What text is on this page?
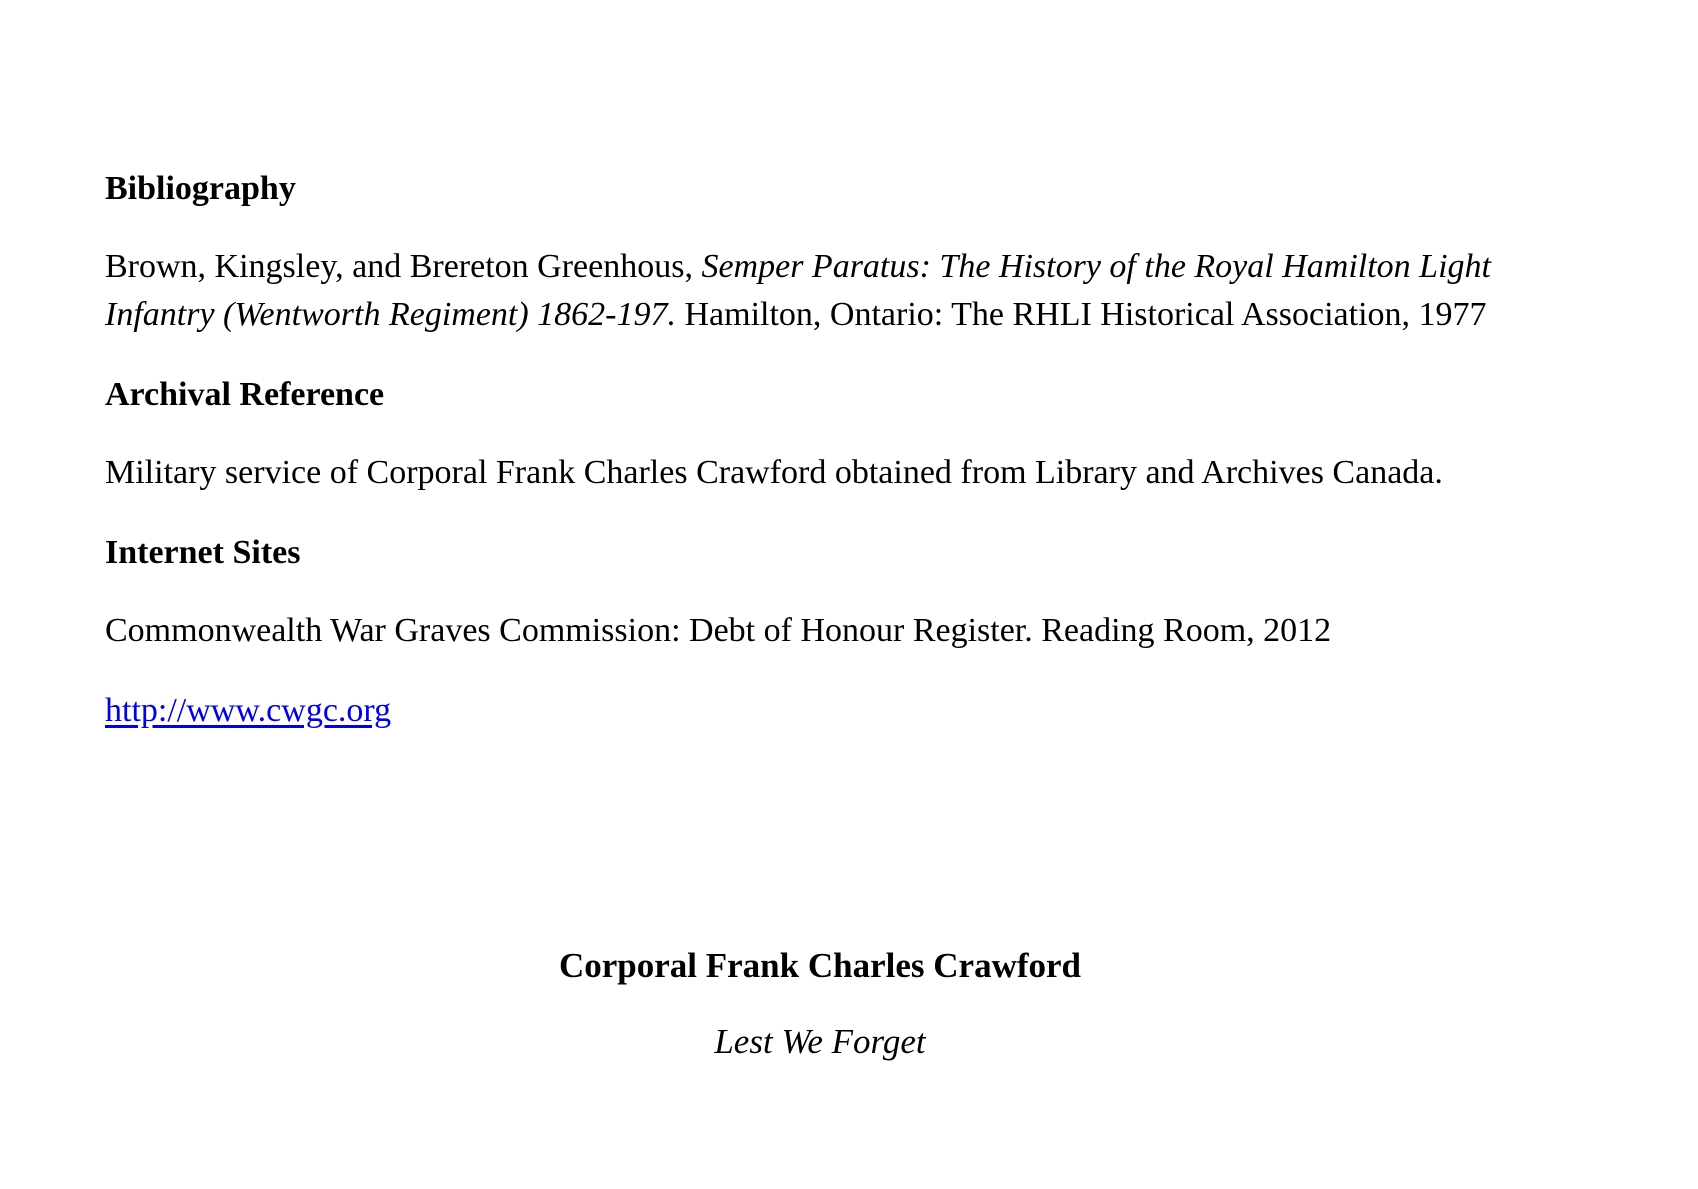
Bibliography

Brown, Kingsley, and Brereton Greenhous, Semper Paratus: The History of the Royal Hamilton Light Infantry (Wentworth Regiment) 1862-197. Hamilton, Ontario: The RHLI Historical Association, 1977

Archival Reference

Military service of Corporal Frank Charles Crawford obtained from Library and Archives Canada.

Internet Sites

Commonwealth War Graves Commission: Debt of Honour Register. Reading Room, 2012

http://www.cwgc.org

Corporal Frank Charles Crawford
Lest We Forget
